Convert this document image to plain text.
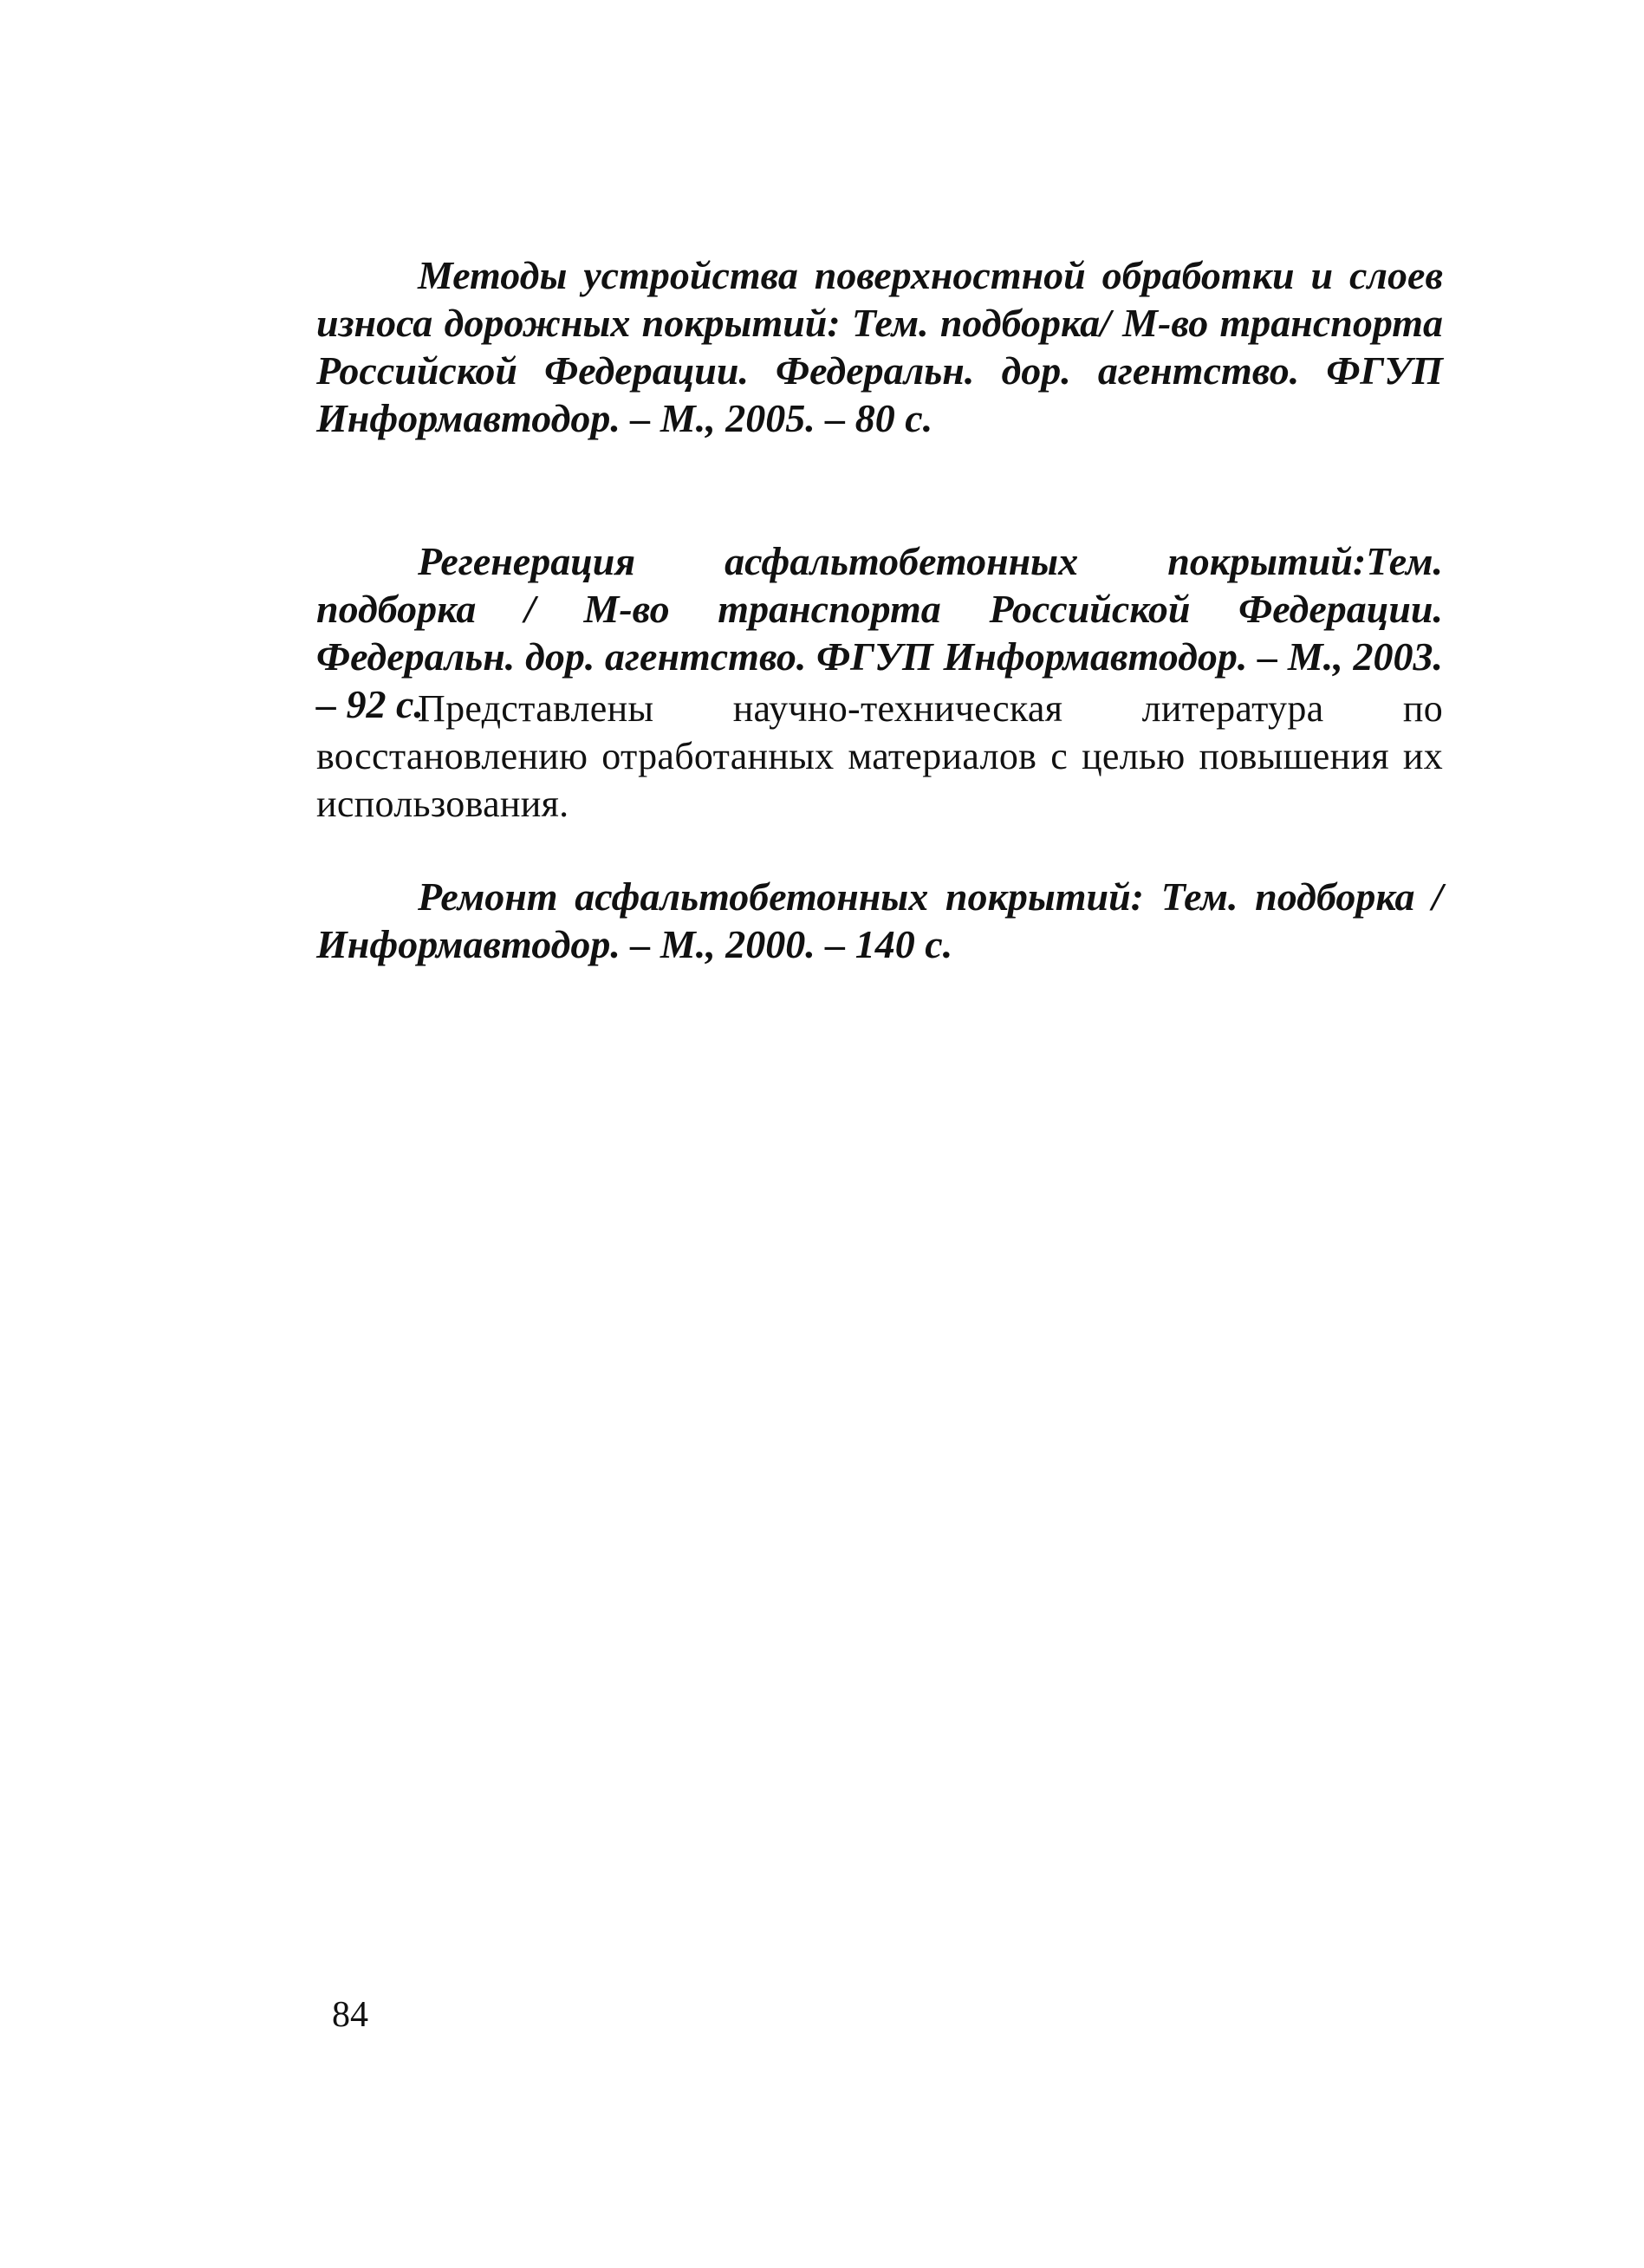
Методы устройства поверхностной обработки и слоев износа дорожных покрытий: Тем. подборка/ М-во транспорта Российской Федерации. Федеральн. дор. агентство. ФГУП Информавтодор. – М., 2005. – 80 с.

Регенерация асфальтобетонных покрытий:Тем. подборка / М-во транспорта Российской Федерации. Федеральн. дор. агентство. ФГУП Информавтодор. – М., 2003. – 92 с.

Представлены научно-техническая литература по восстановлению отработанных материалов с целью повышения их использования.

Ремонт асфальтобетонных покрытий: Тем. подборка / Информавтодор. – М., 2000. – 140 с.

84
